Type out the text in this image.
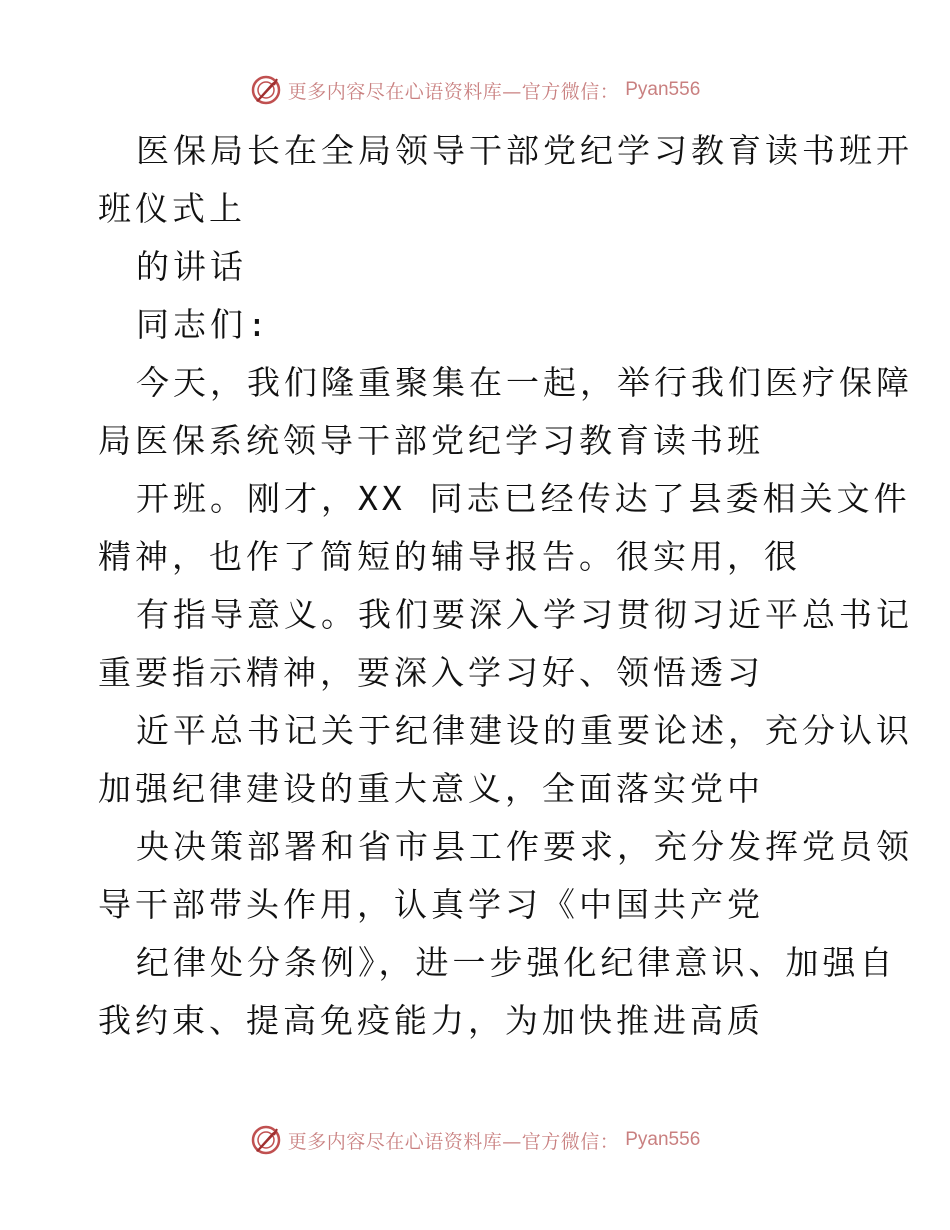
更多内容尽在心语资料库—官方微信： Pyan556
医保局长在全局领导干部党纪学习教育读书班开
班仪式上
的讲话
同志们:
今天，我们隆重聚集在一起，举行我们医疗保障
局医保系统领导干部党纪学习教育读书班
开班。刚才，XX 同志已经传达了县委相关文件
精神，也作了简短的辅导报告。很实用，很
有指导意义。我们要深入学习贯彻习近平总书记
重要指示精神，要深入学习好、领悟透习
近平总书记关于纪律建设的重要论述，充分认识
加强纪律建设的重大意义，全面落实党中
央决策部署和省市县工作要求，充分发挥党员领
导干部带头作用，认真学习《中国共产党
纪律处分条例》，进一步强化纪律意识、加强自
我约束、提高免疫能力，为加快推进高质
更多内容尽在心语资料库—官方微信： Pyan556
